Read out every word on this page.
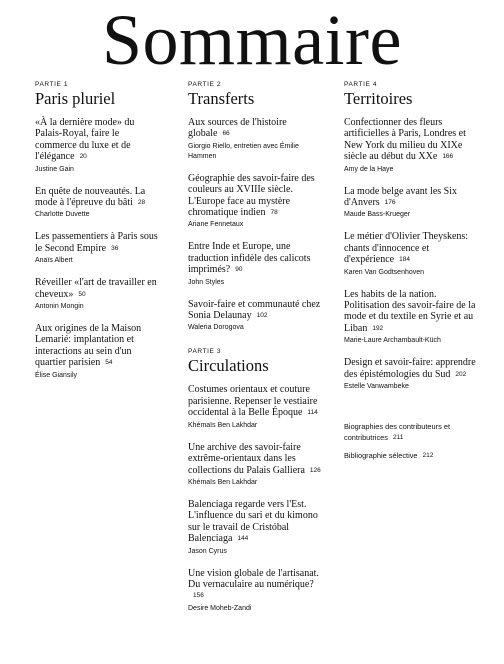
Sommaire
PARTIE 1
Paris pluriel
«À la dernière mode» du Palais-Royal, faire le commerce du luxe et de l'élégance 20
Justine Gain
En quête de nouveautés. La mode à l'épreuve du bâti 28
Charlotte Duvette
Les passementiers à Paris sous le Second Empire 36
Anaïs Albert
Réveiller «l'art de travailler en cheveux» 50
Antonin Mongin
Aux origines de la Maison Lemarié: implantation et interactions au sein d'un quartier parisien 54
Élise Giansily
PARTIE 2
Transferts
Aux sources de l'histoire globale 66
Giorgio Riello, entretien avec Émilie Hammen
Géographie des savoir-faire des couleurs au XVIIIe siècle. L'Europe face au mystère chromatique indien 78
Ariane Fennetaux
Entre Inde et Europe, une traduction infidèle des calicots imprimés? 90
John Styles
Savoir-faire et communauté chez Sonia Delaunay 102
Waleria Dorogova
PARTIE 3
Circulations
Costumes orientaux et couture parisienne. Repenser le vestiaire occidental à la Belle Époque 114
Khémaïs Ben Lakhdar
Une archive des savoir-faire extrême-orientaux dans les collections du Palais Galliera 126
Khémaïs Ben Lakhdar
Balenciaga regarde vers l'Est. L'influence du sari et du kimono sur le travail de Cristóbal Balenciaga 144
Jason Cyrus
Une vision globale de l'artisanat. Du vernaculaire au numérique?156
Desire Moheb-Zandi
PARTIE 4
Territoires
Confectionner des fleurs artificielles à Paris, Londres et New York du milieu du XIXe siècle au début du XXe 166
Amy de la Haye
La mode belge avant les Six d'Anvers 176
Maude Bass-Krueger
Le métier d'Olivier Theyskens: chants d'innocence et d'expérience 184
Karen Van Godtsenhoven
Les habits de la nation. Politisation des savoir-faire de la mode et du textile en Syrie et au Liban 192
Marie-Laure Archambault-Küch
Design et savoir-faire: apprendre des épistémologies du Sud 202
Estelle Vanwambeke
Biographies des contributeurs et contributrices 211
Bibliographie sélective 212
